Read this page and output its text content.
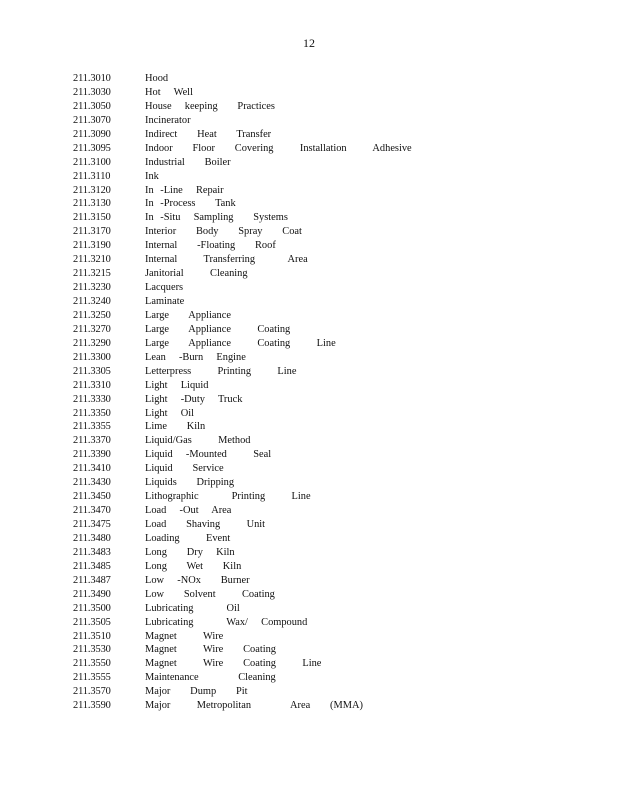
12
211.3010	Hood
211.3030	Hot  Well
211.3050	House  keeping   Practices
211.3070	Incinerator
211.3090	Indirect   Heat   Transfer
211.3095	Indoor   Floor   Covering    Installation    Adhesive
211.3100	Industrial   Boiler
211.3110	Ink
211.3120	In -Line  Repair
211.3130	In -Process   Tank
211.3150	In -Situ  Sampling   Systems
211.3170	Interior   Body   Spray   Coat
211.3190	Internal   -Floating   Roof
211.3210	Internal    Transferring     Area
211.3215	Janitorial    Cleaning
211.3230	Lacquers
211.3240	Laminate
211.3250	Large   Appliance
211.3270	Large   Appliance    Coating
211.3290	Large   Appliance    Coating    Line
211.3300	Lean  -Burn  Engine
211.3305	Letterpress    Printing    Line
211.3310	Light  Liquid
211.3330	Light  -Duty  Truck
211.3350	Light  Oil
211.3355	Lime   Kiln
211.3370	Liquid/Gas    Method
211.3390	Liquid  -Mounted    Seal
211.3410	Liquid   Service
211.3430	Liquids   Dripping
211.3450	Lithographic     Printing    Line
211.3470	Load  -Out  Area
211.3475	Load   Shaving    Unit
211.3480	Loading    Event
211.3483	Long   Dry  Kiln
211.3485	Long   Wet   Kiln
211.3487	Low  -NOx   Burner
211.3490	Low   Solvent    Coating
211.3500	Lubricating     Oil
211.3505	Lubricating     Wax/  Compound
211.3510	Magnet    Wire
211.3530	Magnet    Wire   Coating
211.3550	Magnet    Wire   Coating    Line
211.3555	Maintenance      Cleaning
211.3570	Major   Dump   Pit
211.3590	Major    Metropolitan      Area   (MMA)
